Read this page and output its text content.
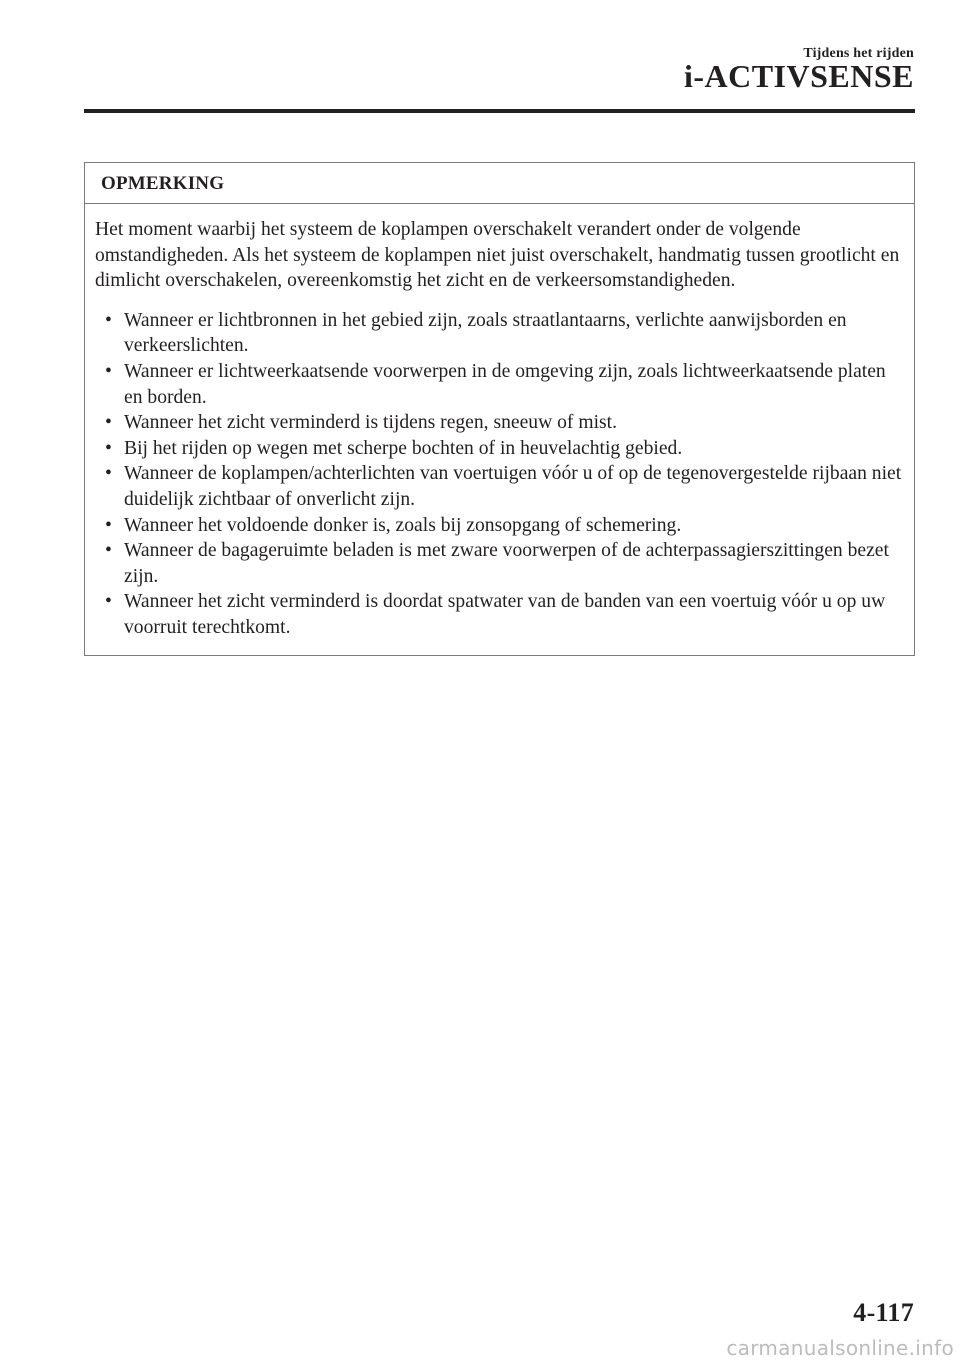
Tijdens het rijden
i-ACTIVSENSE
OPMERKING

Het moment waarbij het systeem de koplampen overschakelt verandert onder de volgende omstandigheden. Als het systeem de koplampen niet juist overschakelt, handmatig tussen grootlicht en dimlicht overschakelen, overeenkomstig het zicht en de verkeersomstandigheden.

• Wanneer er lichtbronnen in het gebied zijn, zoals straatlantaarns, verlichte aanwijsborden en verkeerslichten.
• Wanneer er lichtweerkaatsende voorwerpen in de omgeving zijn, zoals lichtweerkaatsende platen en borden.
• Wanneer het zicht verminderd is tijdens regen, sneeuw of mist.
• Bij het rijden op wegen met scherpe bochten of in heuvelachtig gebied.
• Wanneer de koplampen/achterlichten van voertuigen vóór u of op de tegenovergestelde rijbaan niet duidelijk zichtbaar of onverlicht zijn.
• Wanneer het voldoende donker is, zoals bij zonsopgang of schemering.
• Wanneer de bagageruimte beladen is met zware voorwerpen of de achterpassagierszittingen bezet zijn.
• Wanneer het zicht verminderd is doordat spatwater van de banden van een voertuig vóór u op uw voorruit terechtkomt.
4-117
carmanualsonline.info
